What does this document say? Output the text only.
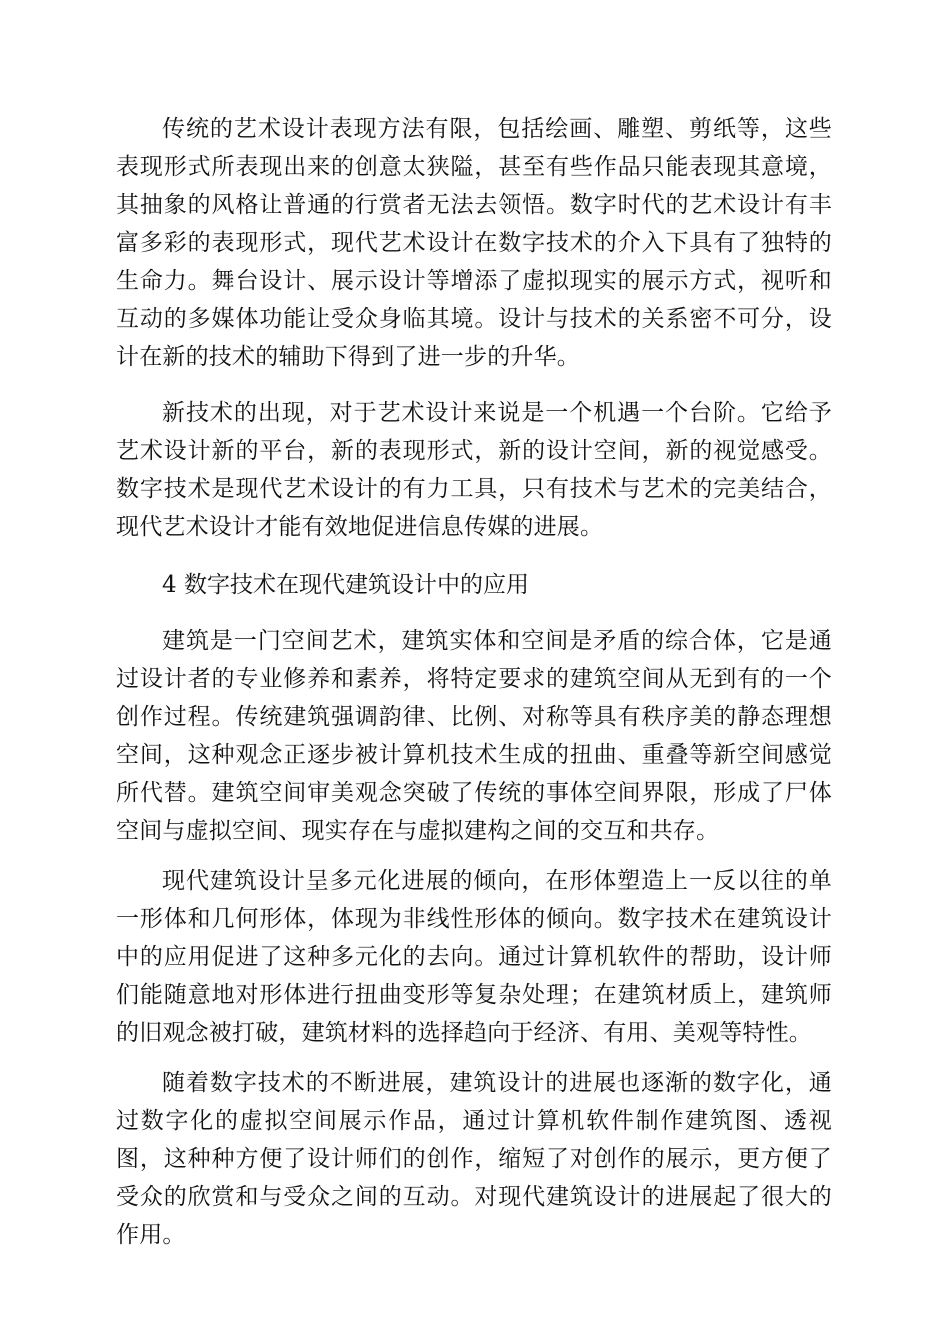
传统的艺术设计表现方法有限，包括绘画、雕塑、剪纸等，这些表现形式所表现出来的创意太狭隘，甚至有些作品只能表现其意境，其抽象的风格让普通的行赏者无法去领悟。数字时代的艺术设计有丰富多彩的表现形式，现代艺术设计在数字技术的介入下具有了独特的生命力。舞台设计、展示设计等增添了虚拟现实的展示方式，视听和互动的多媒体功能让受众身临其境。设计与技术的关系密不可分，设计在新的技术的辅助下得到了进一步的升华。

新技术的出现，对于艺术设计来说是一个机遇一个台阶。它给予艺术设计新的平台，新的表现形式，新的设计空间，新的视觉感受。数字技术是现代艺术设计的有力工具，只有技术与艺术的完美结合，现代艺术设计才能有效地促进信息传媒的进展。

4 数字技术在现代建筑设计中的应用

建筑是一门空间艺术，建筑实体和空间是矛盾的综合体，它是通过设计者的专业修养和素养，将特定要求的建筑空间从无到有的一个创作过程。传统建筑强调韵律、比例、对称等具有秩序美的静态理想空间，这种观念正逐步被计算机技术生成的扭曲、重叠等新空间感觉所代替。建筑空间审美观念突破了传统的事体空间界限，形成了尸体空间与虚拟空间、现实存在与虚拟建构之间的交互和共存。

现代建筑设计呈多元化进展的倾向，在形体塑造上一反以往的单一形体和几何形体，体现为非线性形体的倾向。数字技术在建筑设计中的应用促进了这种多元化的去向。通过计算机软件的帮助，设计师们能随意地对形体进行扭曲变形等复杂处理；在建筑材质上，建筑师的旧观念被打破，建筑材料的选择趋向于经济、有用、美观等特性。

随着数字技术的不断进展，建筑设计的进展也逐渐的数字化，通过数字化的虚拟空间展示作品，通过计算机软件制作建筑图、透视图，这种种方便了设计师们的创作，缩短了对创作的展示，更方便了受众的欣赏和与受众之间的互动。对现代建筑设计的进展起了很大的作用。
